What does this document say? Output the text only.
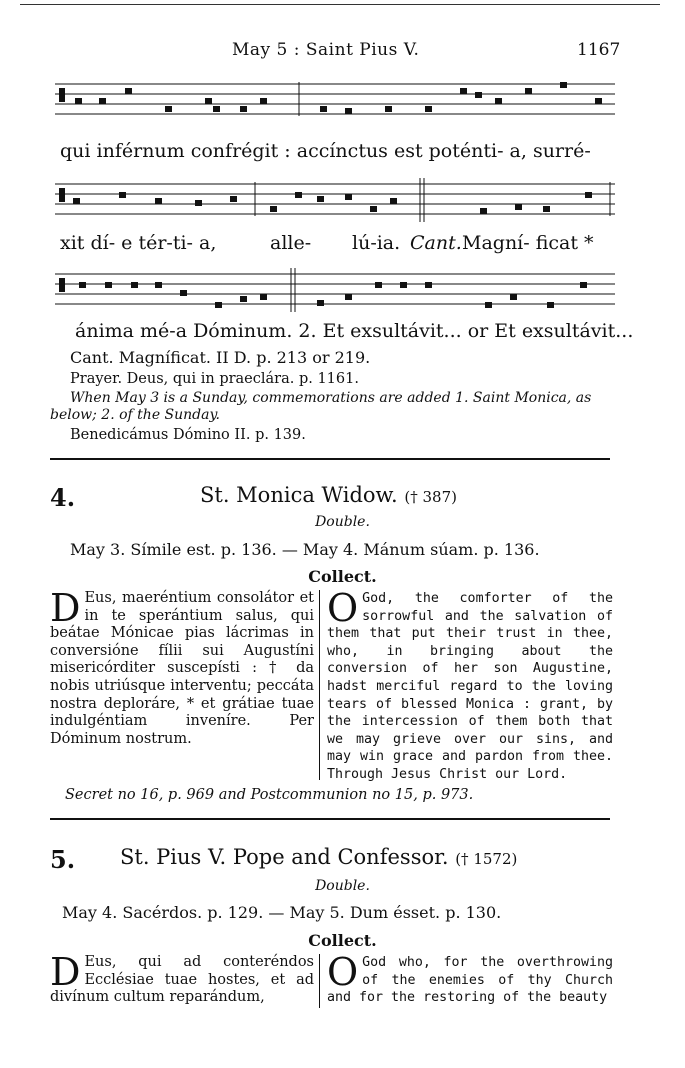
May 5 : Saint Pius V.	1167
qui inférnum confrégit : accínctus est poténti- a, surré-
xit dí- e tér-ti- a,	alle- lú-ia. Cant. Magní- ficat *
ánima mé-a Dóminum. 2. Et exsultávit... or Et exsultávit...
Cant. Magníficat. II D. p. 213 or 219.
Prayer. Deus, qui in praeclára. p. 1161.
When May 3 is a Sunday, commemorations are added 1. Saint Monica, as below; 2. of the Sunday.
Benedicámus Dómino II. p. 139.
4.	St. Monica Widow. († 387)
Double.
May 3. Símile est. p. 136. — May 4. Mánum súam. p. 136.
Collect.
D Eus, maeréntium consolátor et in te sperántium salus, qui beátae Mónicae pias lácrimas in conversióne fílii sui Augustíni misericórditer suscepísti : † da nobis utriúsque interventu; peccáta nostra deploráre, * et grátiae tuae indulgéntiam inveníre. Per Dóminum nostrum.
O God, the comforter of the sorrowful and the salvation of them that put their trust in thee, who, in bringing about the conversion of her son Augustine, hadst merciful regard to the loving tears of blessed Monica : grant, by the intercession of them both that we may grieve over our sins, and may win grace and pardon from thee. Through Jesus Christ our Lord.
Secret no 16, p. 969 and Postcommunion no 15, p. 973.
5. St. Pius V. Pope and Confessor. († 1572)
Double.
May 4. Sacérdos. p. 129. — May 5. Dum ésset. p. 130.
Collect.
D Eus, qui ad conteréndos Ecclésiae tuae hostes, et ad divínum cultum reparándum,
O God who, for the overthrowing of the enemies of thy Church and for the restoring of the beauty
